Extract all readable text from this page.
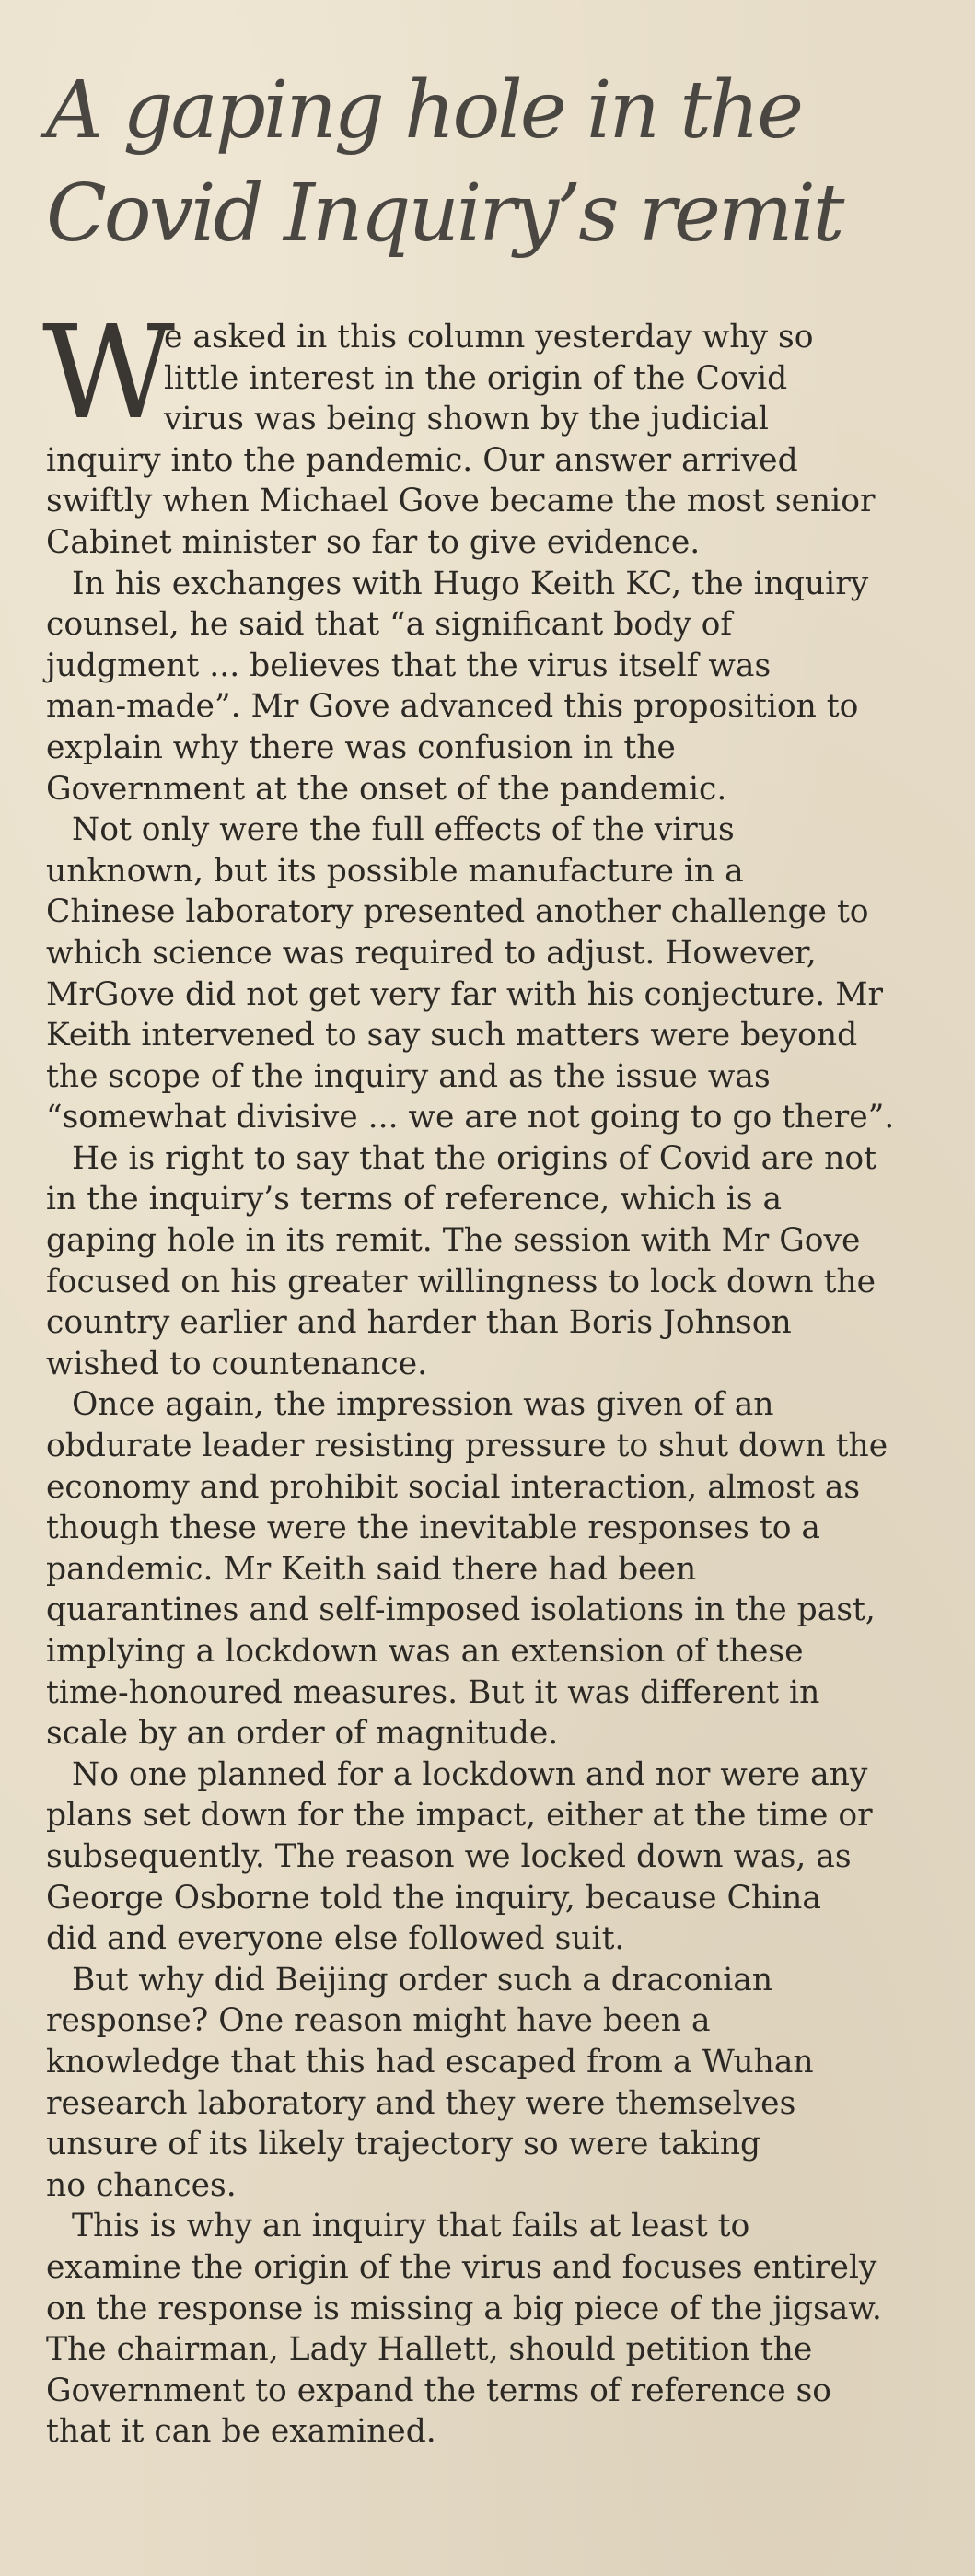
A gaping hole in the
Covid Inquiry’s remit
W
e asked in this column yesterday why so
little interest in the origin of the Covid
virus was being shown by the judicial
inquiry into the pandemic. Our answer arrived
swiftly when Michael Gove became the most senior
Cabinet minister so far to give evidence.
In his exchanges with Hugo Keith KC, the inquiry
counsel, he said that “a significant body of
judgment ... believes that the virus itself was
man-made”. Mr Gove advanced this proposition to
explain why there was confusion in the
Government at the onset of the pandemic.
Not only were the full effects of the virus
unknown, but its possible manufacture in a
Chinese laboratory presented another challenge to
which science was required to adjust. However,
MrGove did not get very far with his conjecture. Mr
Keith intervened to say such matters were beyond
the scope of the inquiry and as the issue was
“somewhat divisive ... we are not going to go there”.
He is right to say that the origins of Covid are not
in the inquiry’s terms of reference, which is a
gaping hole in its remit. The session with Mr Gove
focused on his greater willingness to lock down the
country earlier and harder than Boris Johnson
wished to countenance.
Once again, the impression was given of an
obdurate leader resisting pressure to shut down the
economy and prohibit social interaction, almost as
though these were the inevitable responses to a
pandemic. Mr Keith said there had been
quarantines and self-imposed isolations in the past,
implying a lockdown was an extension of these
time-honoured measures. But it was different in
scale by an order of magnitude.
No one planned for a lockdown and nor were any
plans set down for the impact, either at the time or
subsequently. The reason we locked down was, as
George Osborne told the inquiry, because China
did and everyone else followed suit.
But why did Beijing order such a draconian
response? One reason might have been a
knowledge that this had escaped from a Wuhan
research laboratory and they were themselves
unsure of its likely trajectory so were taking
no chances.
This is why an inquiry that fails at least to
examine the origin of the virus and focuses entirely
on the response is missing a big piece of the jigsaw.
The chairman, Lady Hallett, should petition the
Government to expand the terms of reference so
that it can be examined.
